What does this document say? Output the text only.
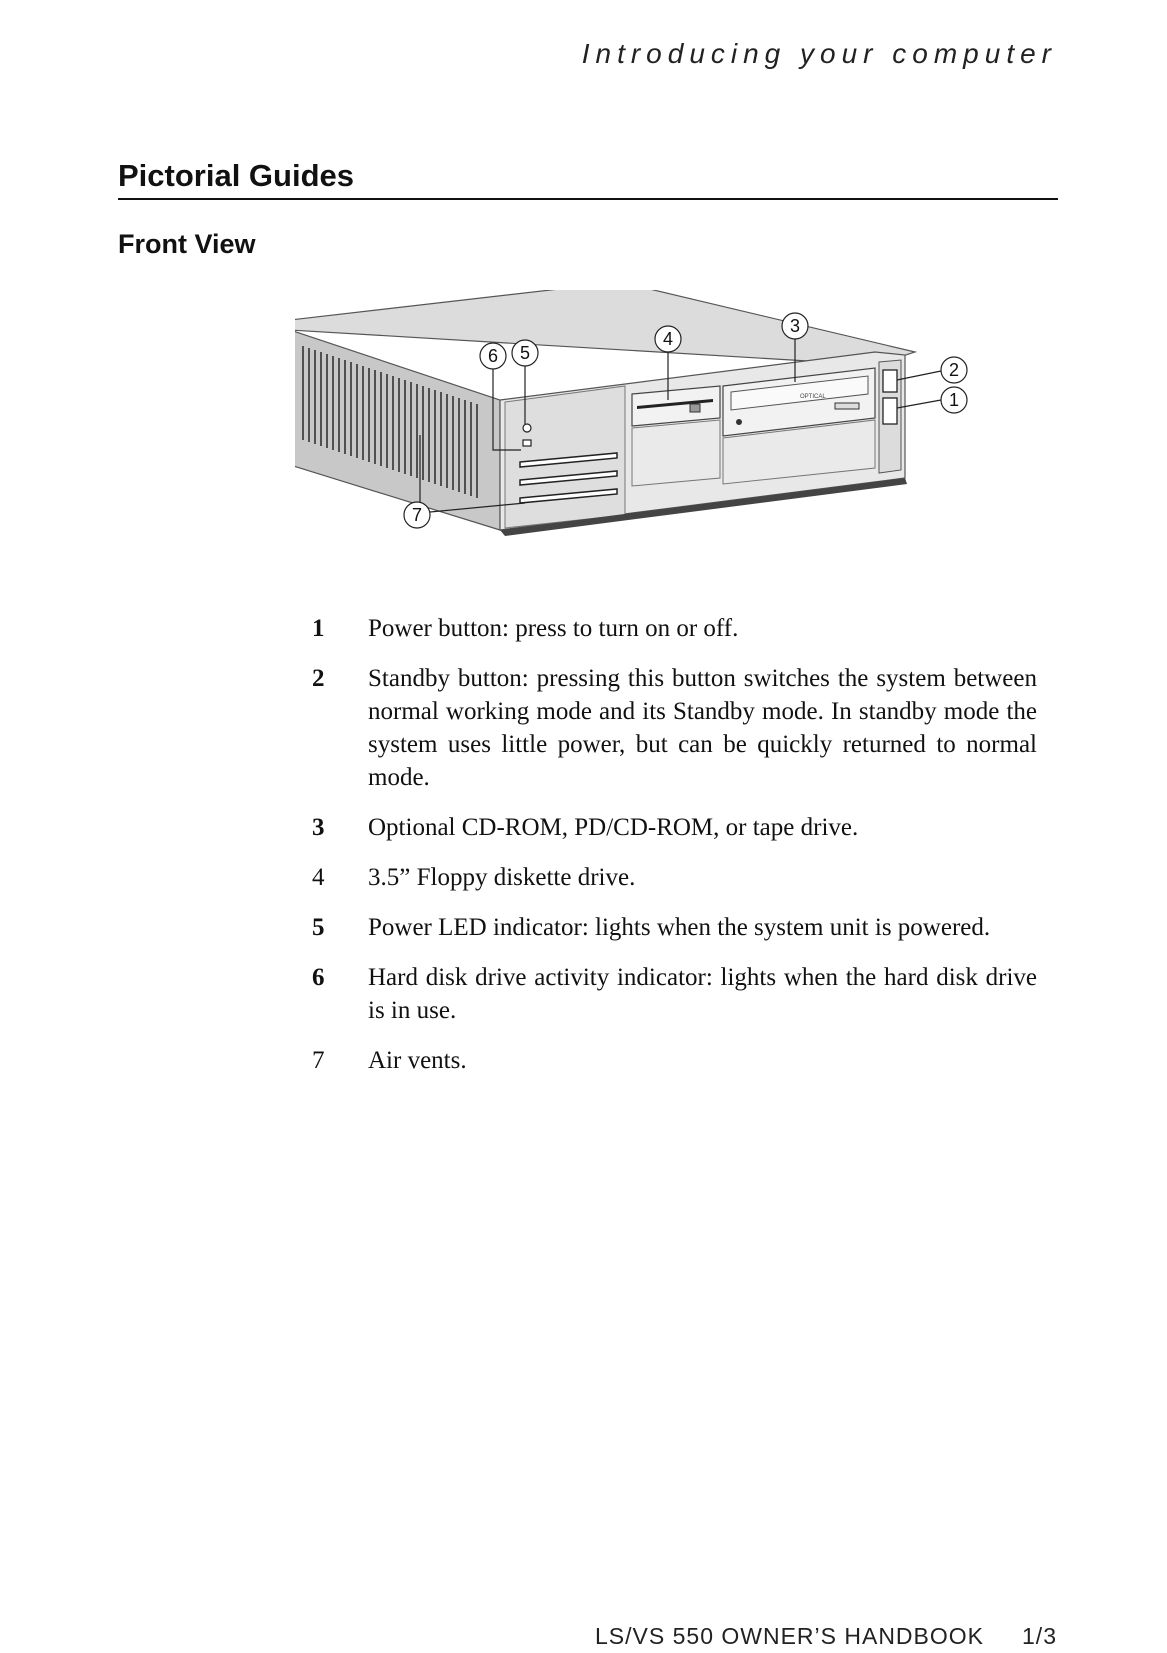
Introducing your computer
Pictorial Guides
Front View
OPTICAL
2
1
3
4
5
6
7
1	Power button: press to turn on or off.
2	Standby button: pressing this button switches the system between normal working mode and its Standby mode. In standby mode the system uses little power, but can be quickly returned to normal mode.
3	Optional CD-ROM, PD/CD-ROM, or tape drive.
4	3.5” Floppy diskette drive.
5	Power LED indicator: lights when the system unit is powered.
6	Hard disk drive activity indicator: lights when the hard disk drive is in use.
7	Air vents.
LS/VS 550 OWNER’S HANDBOOK 1/3
